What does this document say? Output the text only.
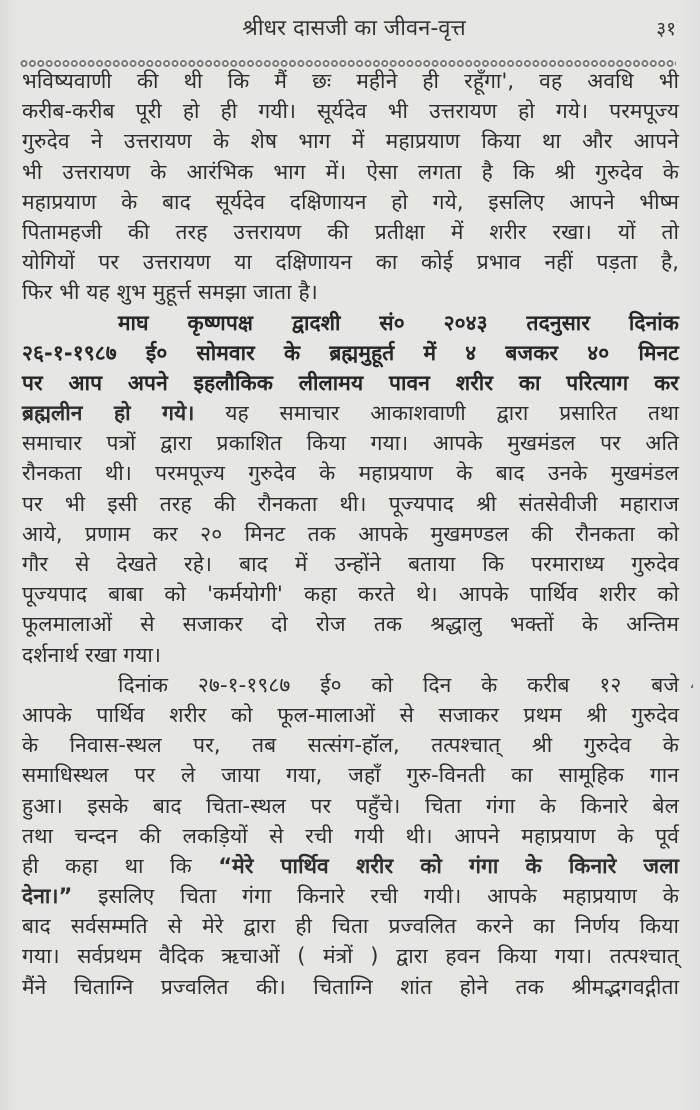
श्रीधर दासजी का जीवन-वृत्त	३१
भविष्यवाणी की थी कि मैं छः महीने ही रहूँगा', वह अवधि भी
करीब-करीब पूरी हो ही गयी। सूर्यदेव भी उत्तरायण हो गये। परमपूज्य
गुरुदेव ने उत्तरायण के शेष भाग में महाप्रयाण किया था और आपने
भी उत्तरायण के आरंभिक भाग में। ऐसा लगता है कि श्री गुरुदेव के
महाप्रयाण के बाद सूर्यदेव दक्षिणायन हो गये, इसलिए आपने भीष्म
पितामहजी की तरह उत्तरायण की प्रतीक्षा में शरीर रखा। यों तो
योगियों पर उत्तरायण या दक्षिणायन का कोई प्रभाव नहीं पड़ता है,
फिर भी यह शुभ मुहूर्त्त समझा जाता है।
माघ कृष्णपक्ष द्वादशी सं० २०४३ तदनुसार दिनांक
२६-१-१९८७ ई० सोमवार के ब्रह्ममुहूर्त में ४ बजकर ४० मिनट
पर आप अपने इहलौकिक लीलामय पावन शरीर का परित्याग कर
ब्रह्मलीन हो गये। यह समाचार आकाशवाणी द्वारा प्रसारित तथा
समाचार पत्रों द्वारा प्रकाशित किया गया। आपके मुखमंडल पर अति
रौनकता थी। परमपूज्य गुरुदेव के महाप्रयाण के बाद उनके मुखमंडल
पर भी इसी तरह की रौनकता थी। पूज्यपाद श्री संतसेवीजी महाराज
आये, प्रणाम कर २० मिनट तक आपके मुखमण्डल की रौनकता को
गौर से देखते रहे। बाद में उन्होंने बताया कि परमाराध्य गुरुदेव
पूज्यपाद बाबा को 'कर्मयोगी' कहा करते थे। आपके पार्थिव शरीर को
फूलमालाओं से सजाकर दो रोज तक श्रद्धालु भक्तों के अन्तिम
दर्शनार्थ रखा गया।
दिनांक २७-१-१९८७ ई० को दिन के करीब १२ बजे
आपके पार्थिव शरीर को फूल-मालाओं से सजाकर प्रथम श्री गुरुदेव
के निवास-स्थल पर, तब सत्संग-हॉल, तत्पश्चात् श्री गुरुदेव के
समाधिस्थल पर ले जाया गया, जहाँ गुरु-विनती का सामूहिक गान
हुआ। इसके बाद चिता-स्थल पर पहुँचे। चिता गंगा के किनारे बेल
तथा चन्दन की लकड़ियों से रची गयी थी। आपने महाप्रयाण के पूर्व
ही कहा था कि “मेरे पार्थिव शरीर को गंगा के किनारे जला
देना।” इसलिए चिता गंगा किनारे रची गयी। आपके महाप्रयाण के
बाद सर्वसम्मति से मेरे द्वारा ही चिता प्रज्वलित करने का निर्णय किया
गया। सर्वप्रथम वैदिक ऋचाओं ( मंत्रों ) द्वारा हवन किया गया। तत्पश्चात्
मैंने चिताग्नि प्रज्वलित की। चिताग्नि शांत होने तक श्रीमद्भगवद्गीता
ʻ
